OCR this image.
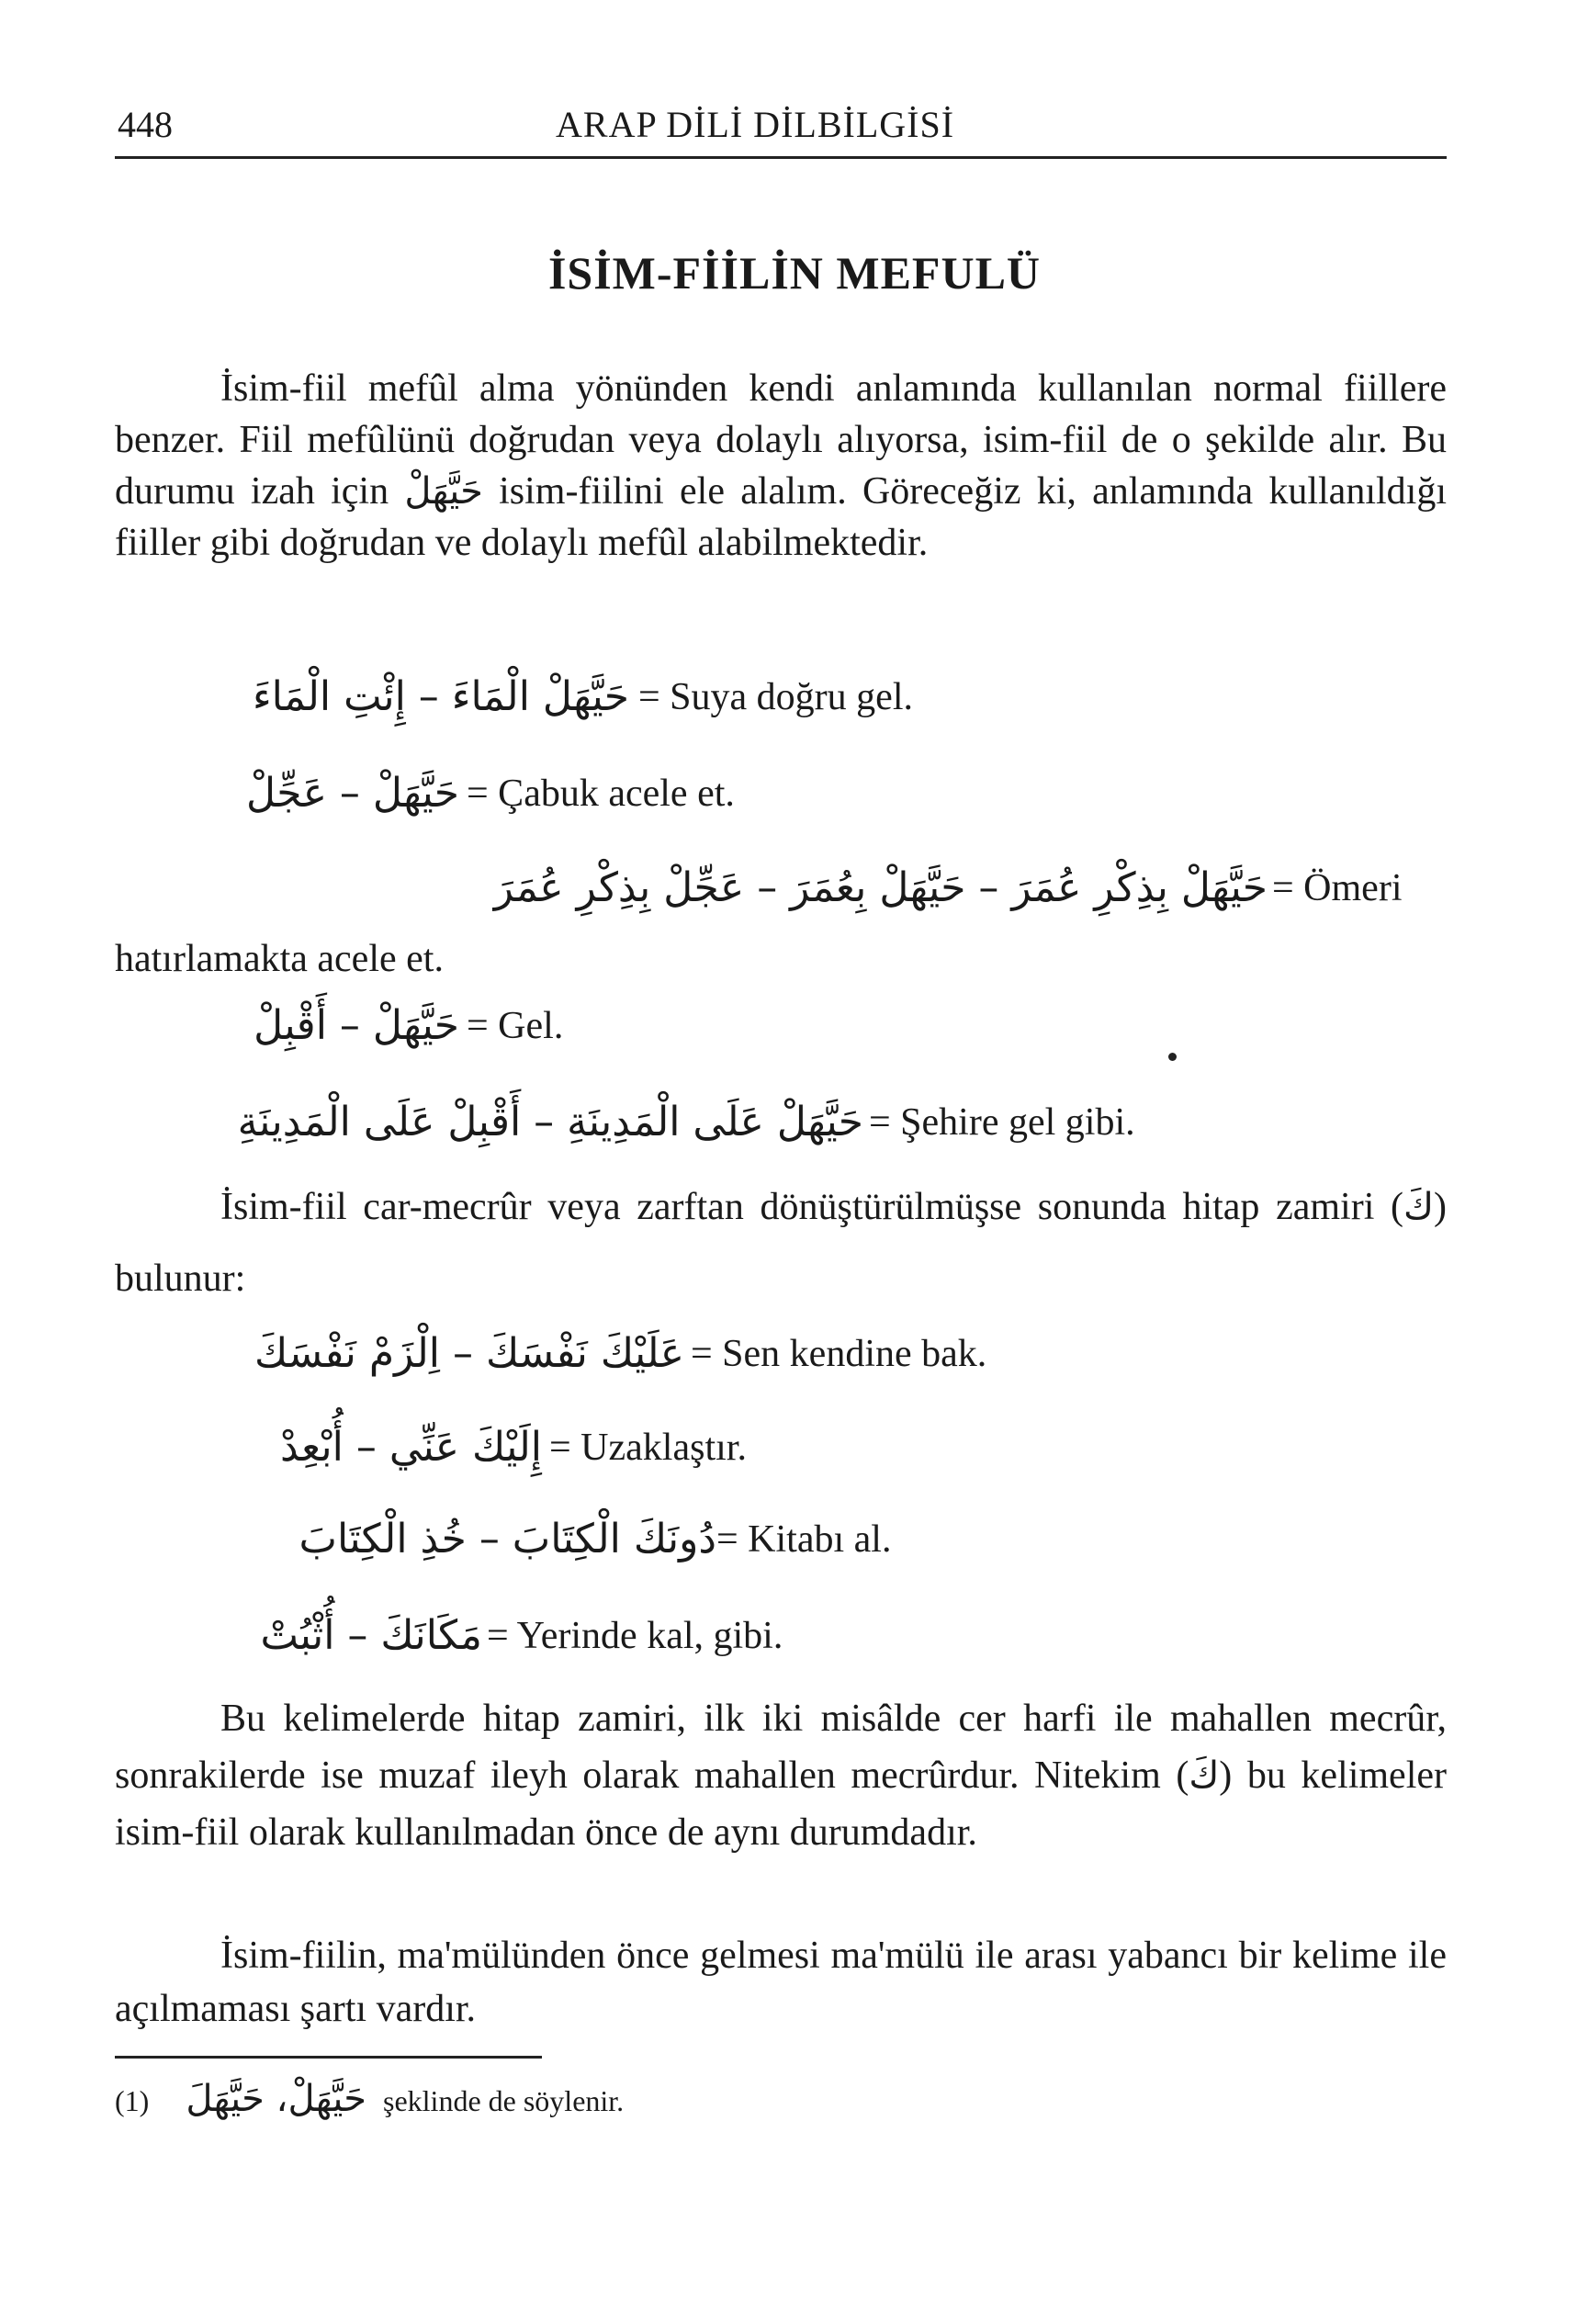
448	ARAP DİLİ DİLBİLGİSİ
İSİM-FİİLİN MEFULÜ

İsim-fiil mefûl alma yönünden kendi anlamında kullanılan normal fiillere benzer. Fiil mefûlünü doğrudan veya dolaylı alıyorsa, isim-fiil de o şekilde alır. Bu durumu izah için حَيَّهَلْ isim-fiilini ele alalım. Göreceğiz ki, anlamında kullanıldığı fiiller gibi doğrudan ve dolaylı mefûl alabilmektedir.

حَيَّهَلْ الْمَاءَ – إِئْتِ الْمَاءَ = Suya doğru gel.
حَيَّهَلْ – عَجِّلْ = Çabuk acele et.
حَيَّهَلْ بِذِكْرِ عُمَرَ – حَيَّهَلْ بِعُمَرَ – عَجِّلْ بِذِكْرِ عُمَرَ = Ömeri
hatırlamakta acele et.
حَيَّهَلْ – أَقْبِلْ = Gel.
حَيَّهَلْ عَلَى الْمَدِينَةِ – أَقْبِلْ عَلَى الْمَدِينَةِ = Şehire gel gibi.

İsim-fiil car-mecrûr veya zarftan dönüştürülmüşse sonunda hitap zamiri (كَ) bulunur:

عَلَيْكَ نَفْسَكَ – اِلْزَمْ نَفْسَكَ = Sen kendine bak.
إِلَيْكَ عَنِّي – أُبْعِدْ = Uzaklaştır.
دُونَكَ الْكِتَابَ – خُذِ الْكِتَابَ = Kitabı al.
مَكَانَكَ – أُثْبُتْ = Yerinde kal, gibi.

Bu kelimelerde hitap zamiri, ilk iki misâlde cer harfi ile mahallen mecrûr, sonrakilerde ise muzaf ileyh olarak mahallen mecrûrdur. Nitekim (كَ) bu kelimeler isim-fiil olarak kullanılmadan önce de aynı durumdadır.

İsim-fiilin, ma'mülünden önce gelmesi ma'mülü ile arası yabancı bir kelime ile açılmaması şartı vardır.

(1) حَيَّهَلْ، حَيَّهَلَ şeklinde de söylenir.
